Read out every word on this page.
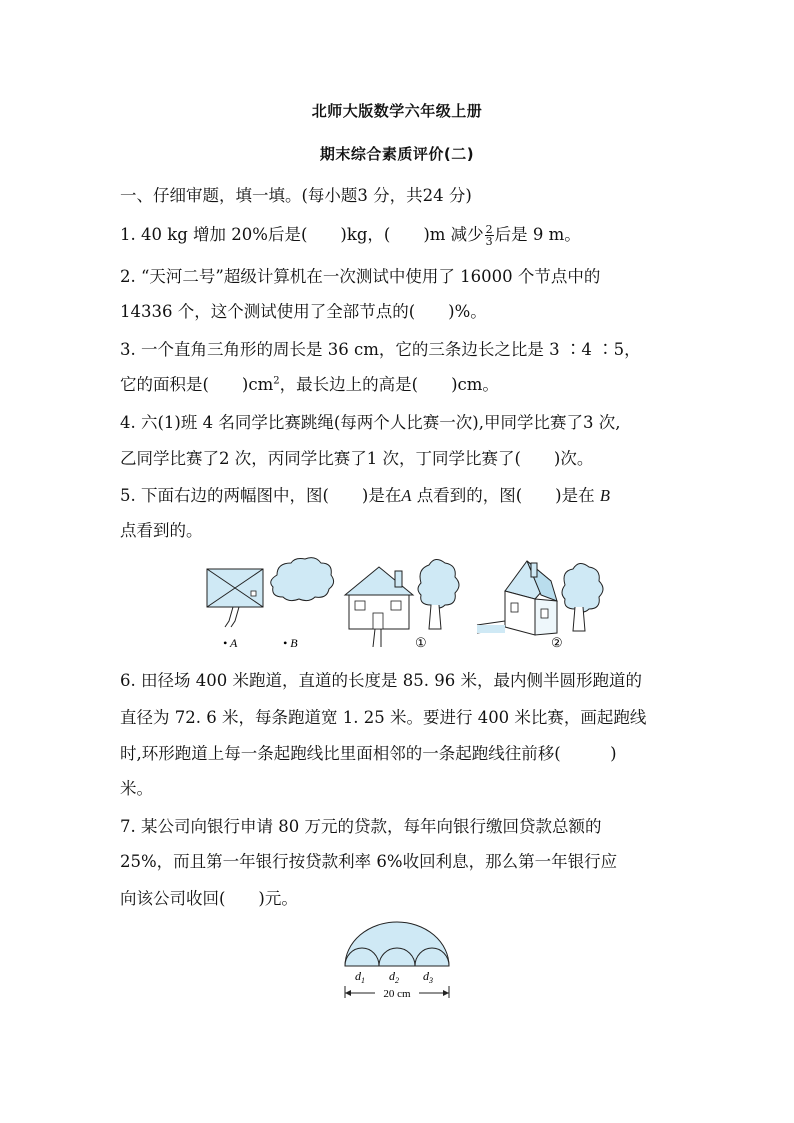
北师大版数学六年级上册
期末综合素质评价(二)
一、仔细审题，填一填。(每小题3 分，共24 分)
1. 40 kg 增加 20%后是(　　)kg，(　　)m 减少 $\frac{2}{3}$ 后是 9 m。
2. “天河二号”超级计算机在一次测试中使用了 16000 个节点中的
14336 个，这个测试使用了全部节点的(　　)%。
3. 一个直角三角形的周长是 36 cm，它的三条边长之比是 3 ∶4 ∶5，
它的面积是(　　)$cm^2$，最长边上的高是(　　)cm。
4. 六(1)班 4 名同学比赛跳绳(每两个人比赛一次),甲同学比赛了3 次,
乙同学比赛了2 次，丙同学比赛了1 次，丁同学比赛了(　　)次。
5. 下面右边的两幅图中，图(　　)是在A 点看到的，图(　　)是在 B
点看到的。
• A	• B	①	②
6. 田径场 400 米跑道，直道的长度是 85. 96 米，最内侧半圆形跑道的
直径为 72. 6 米，每条跑道宽 1. 25 米。要进行 400 米比赛，画起跑线
时,环形跑道上每一条起跑线比里面相邻的一条起跑线往前移(　　　)
米。
7. 某公司向银行申请 80 万元的贷款，每年向银行缴回贷款总额的
25%，而且第一年银行按贷款利率 6%收回利息，那么第一年银行应
向该公司收回(　　)元。
$d_1$ $d_2$ $d_3$
20 cm
